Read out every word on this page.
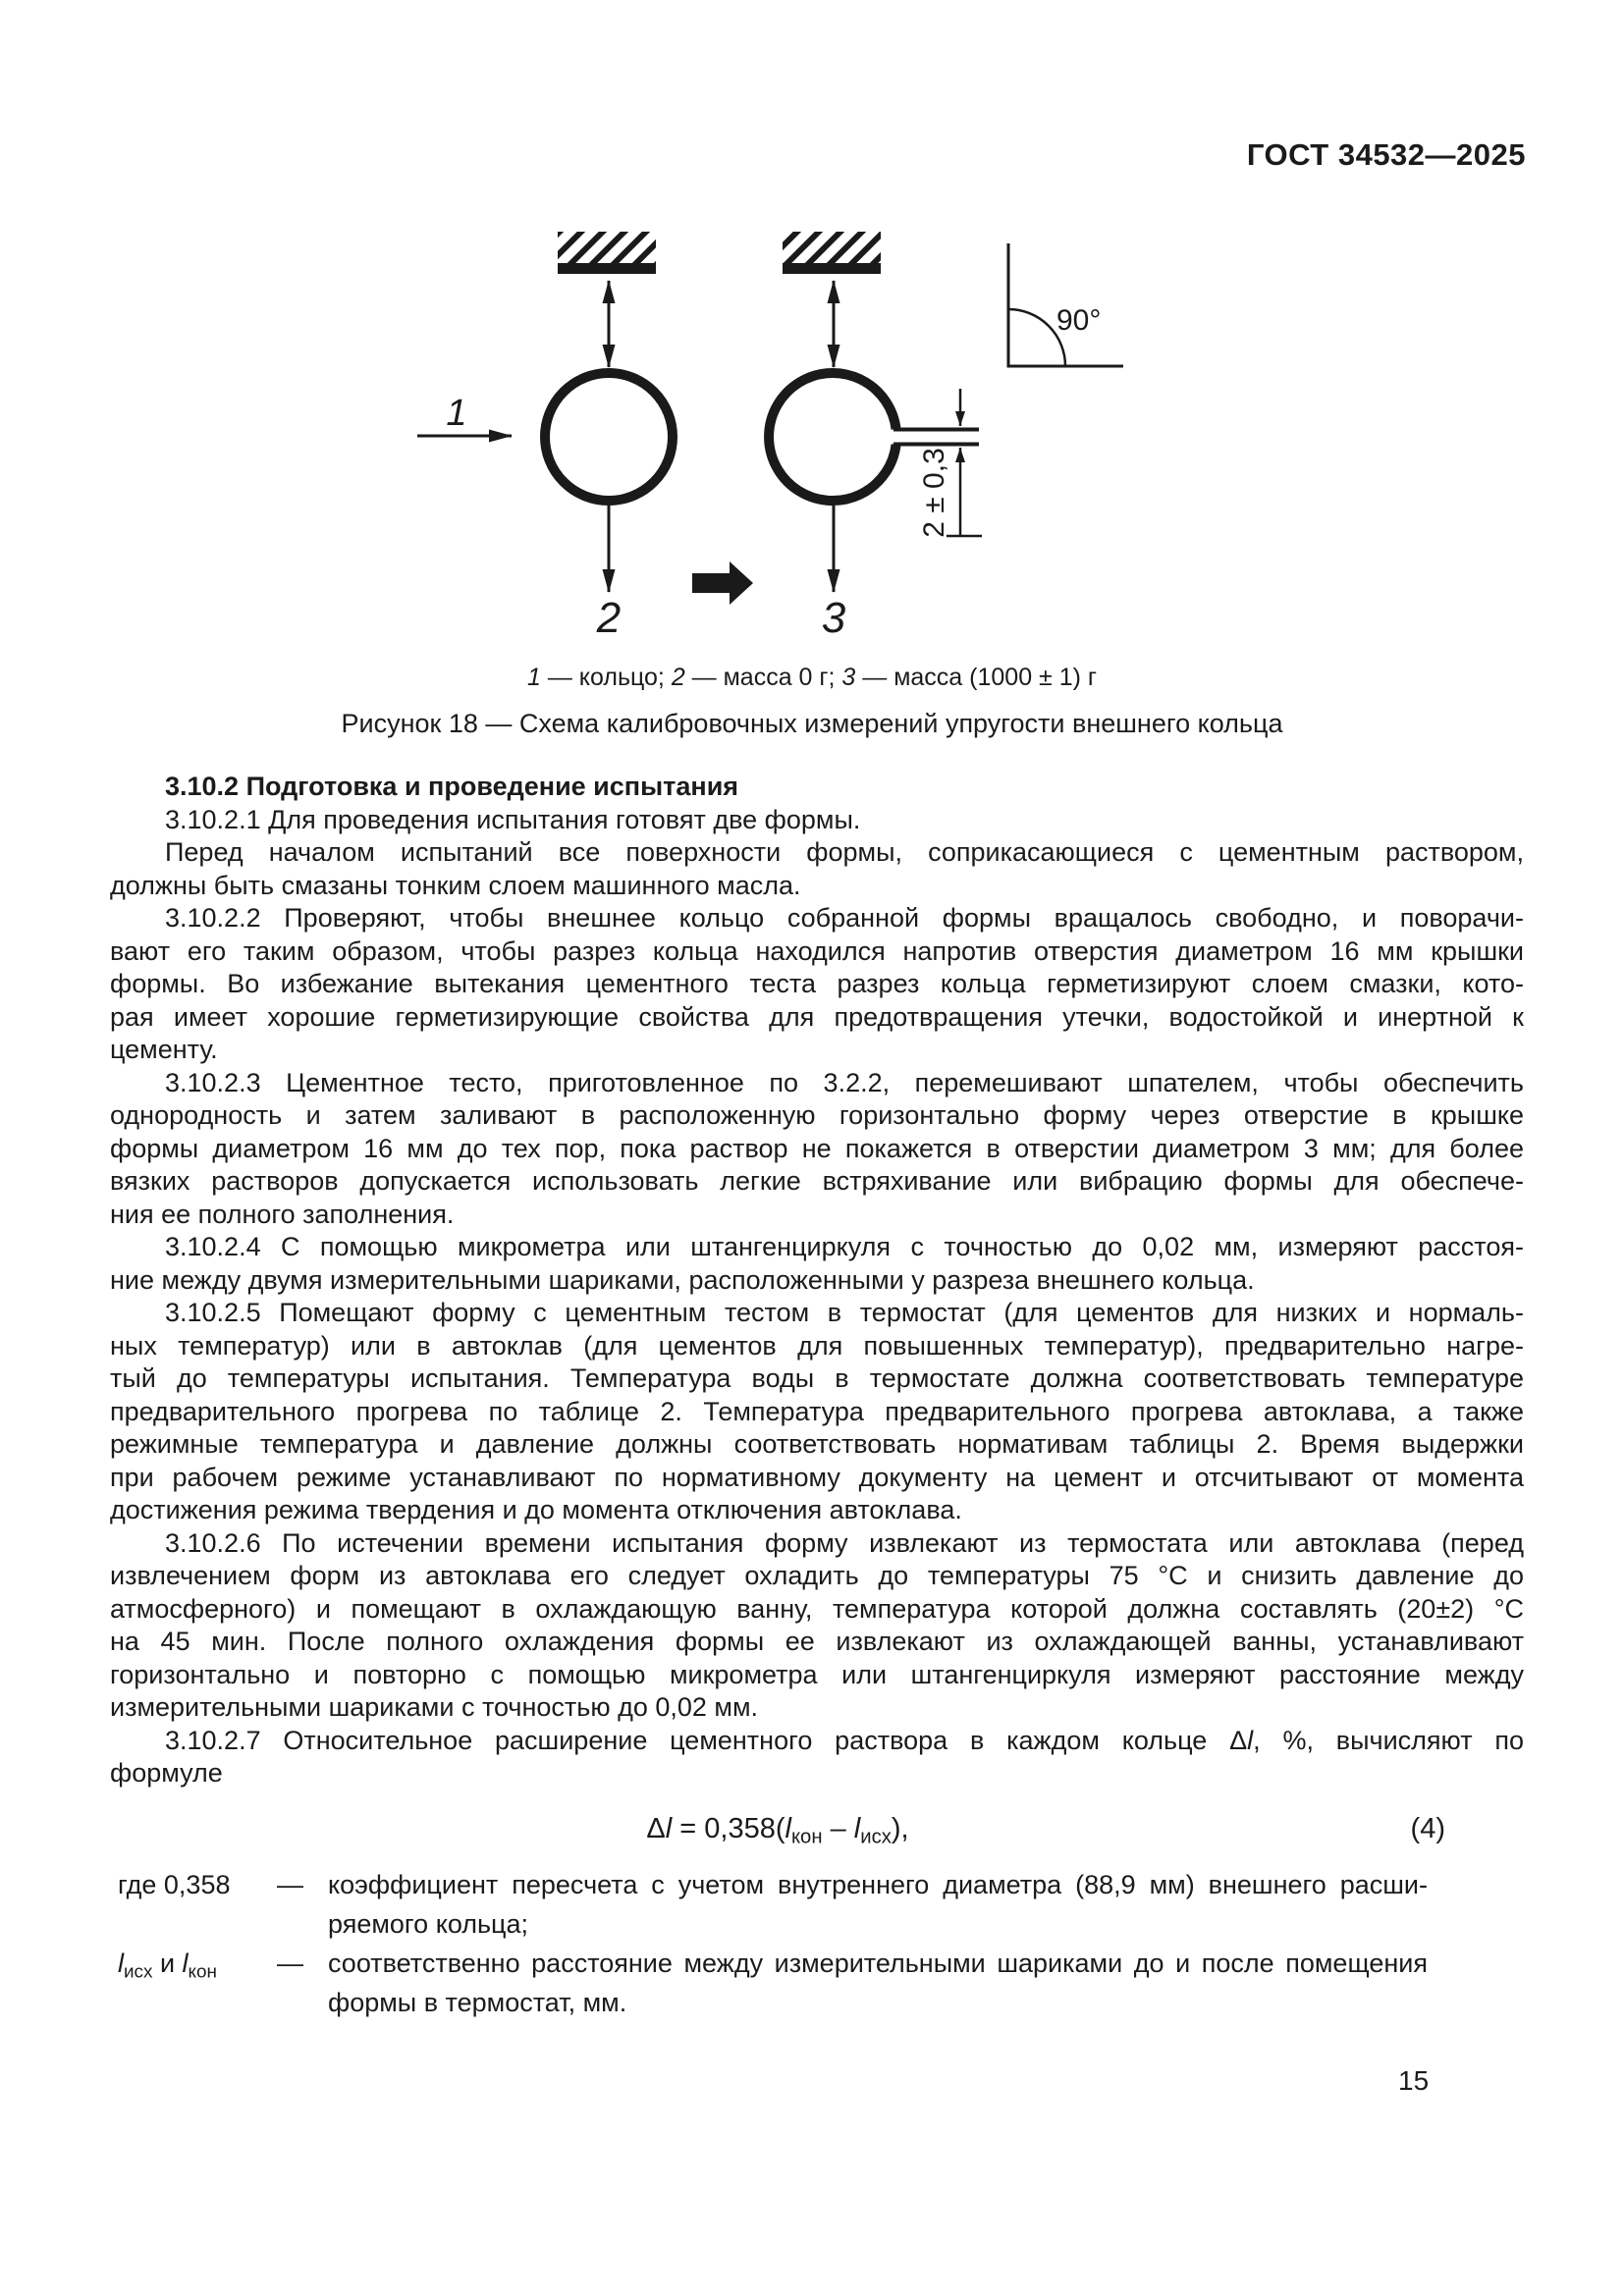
ГОСТ 34532—2025
1
2
2 ± 0,3
3
90°
1 — кольцо; 2 — масса 0 г; 3 — масса (1000 ± 1) г
Рисунок 18 — Схема калибровочных измерений упругости внешнего кольца
3.10.2 Подготовка и проведение испытания
3.10.2.1 Для проведения испытания готовят две формы.
Перед началом испытаний все поверхности формы, соприкасающиеся с цементным раствором,
должны быть смазаны тонким слоем машинного масла.
3.10.2.2 Проверяют, чтобы внешнее кольцо собранной формы вращалось свободно, и поворачи-
вают его таким образом, чтобы разрез кольца находился напротив отверстия диаметром 16 мм крышки
формы. Во избежание вытекания цементного теста разрез кольца герметизируют слоем смазки, кото-
рая имеет хорошие герметизирующие свойства для предотвращения утечки, водостойкой и инертной к
цементу.
3.10.2.3 Цементное тесто, приготовленное по 3.2.2, перемешивают шпателем, чтобы обеспечить
однородность и затем заливают в расположенную горизонтально форму через отверстие в крышке
формы диаметром 16 мм до тех пор, пока раствор не покажется в отверстии диаметром 3 мм; для более
вязких растворов допускается использовать легкие встряхивание или вибрацию формы для обеспече-
ния ее полного заполнения.
3.10.2.4 С помощью микрометра или штангенциркуля с точностью до 0,02 мм, измеряют расстоя-
ние между двумя измерительными шариками, расположенными у разреза внешнего кольца.
3.10.2.5 Помещают форму с цементным тестом в термостат (для цементов для низких и нормаль-
ных температур) или в автоклав (для цементов для повышенных температур), предварительно нагре-
тый до температуры испытания. Температура воды в термостате должна соответствовать температуре
предварительного прогрева по таблице 2. Температура предварительного прогрева автоклава, а также
режимные температура и давление должны соответствовать нормативам таблицы 2. Время выдержки
при рабочем режиме устанавливают по нормативному документу на цемент и отсчитывают от момента
достижения режима твердения и до момента отключения автоклава.
3.10.2.6 По истечении времени испытания форму извлекают из термостата или автоклава (перед
извлечением форм из автоклава его следует охладить до температуры 75 °С и снизить давление до
атмосферного) и помещают в охлаждающую ванну, температура которой должна составлять (20±2) °С
на 45 мин. После полного охлаждения формы ее извлекают из охлаждающей ванны, устанавливают
горизонтально и повторно с помощью микрометра или штангенциркуля измеряют расстояние между
измерительными шариками с точностью до 0,02 мм.
3.10.2.7 Относительное расширение цементного раствора в каждом кольце Δl, %, вычисляют по
формуле
$\Delta l = 0,358(l_{кон} - l_{исх})$,	(4)
где 0,358	— коэффициент пересчета с учетом внутреннего диаметра (88,9 мм) внешнего расши-
ряемого кольца;
$l_{исх}$ и $l_{кон}$	— соответственно расстояние между измерительными шариками до и после помещения
формы в термостат, мм.
15
